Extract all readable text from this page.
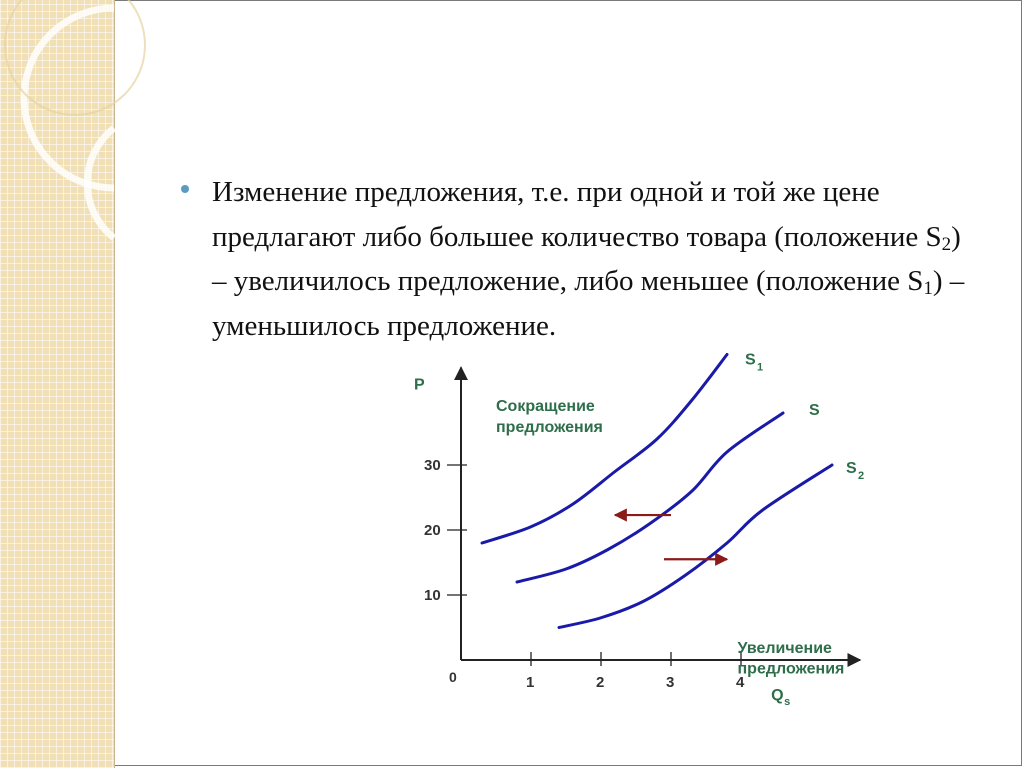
Изменение предложения, т.е. при одной и той же цене предлагают либо большее количество товара (положение $S_2$) – увеличилось предложение, либо меньшее (положение $S_1$) – уменьшилось предложение.
10
20
30
1	2	3	4
0
P
Q s
S 1
S
S 2
Сокращение
предложения
Увеличение
предложения
